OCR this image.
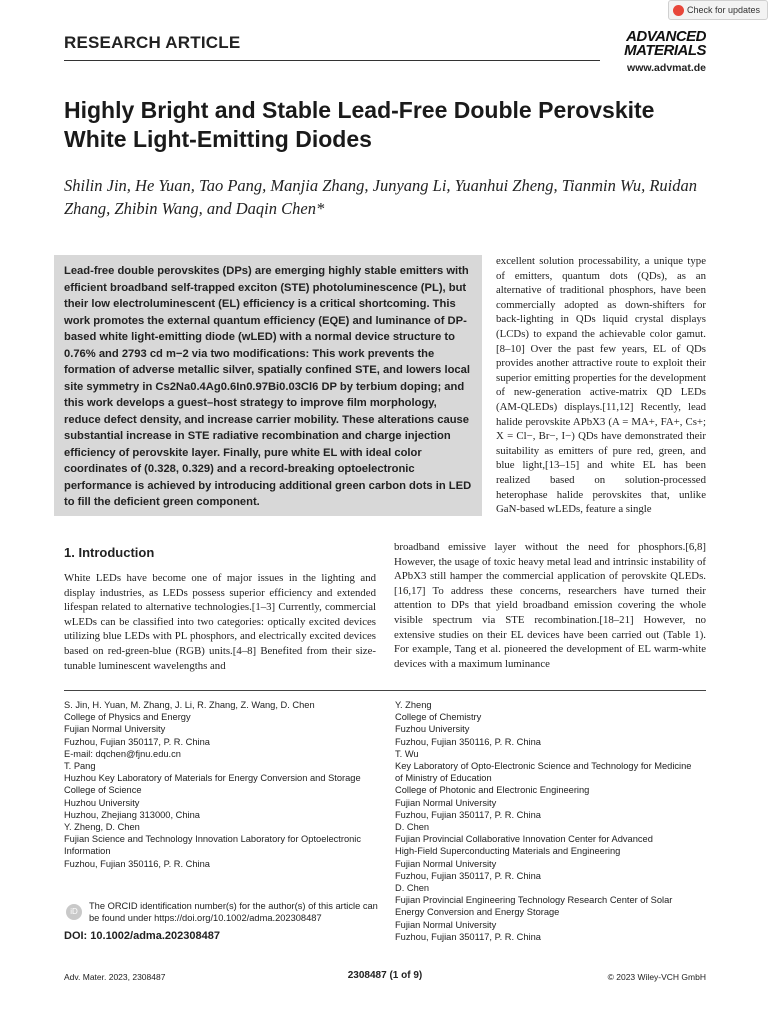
Check for updates
RESEARCH ARTICLE	ADVANCED
MATERIALS
www.advmat.de
Highly Bright and Stable Lead-Free Double Perovskite White Light-Emitting Diodes
Shilin Jin, He Yuan, Tao Pang, Manjia Zhang, Junyang Li, Yuanhui Zheng, Tianmin Wu, Ruidan Zhang, Zhibin Wang, and Daqin Chen*
Lead-free double perovskites (DPs) are emerging highly stable emitters with efficient broadband self-trapped exciton (STE) photoluminescence (PL), but their low electroluminescent (EL) efficiency is a critical shortcoming. This work promotes the external quantum efficiency (EQE) and luminance of DP-based white light-emitting diode (wLED) with a normal device structure to 0.76% and 2793 cd m−2 via two modifications: This work prevents the formation of adverse metallic silver, spatially confined STE, and lowers local site symmetry in Cs2Na0.4Ag0.6In0.97Bi0.03Cl6 DP by terbium doping; and this work develops a guest–host strategy to improve film morphology, reduce defect density, and increase carrier mobility. These alterations cause substantial increase in STE radiative recombination and charge injection efficiency of perovskite layer. Finally, pure white EL with ideal color coordinates of (0.328, 0.329) and a record-breaking optoelectronic performance is achieved by introducing additional green carbon dots in LED to fill the deficient green component.
excellent solution processability, a unique type of emitters, quantum dots (QDs), as an alternative of traditional phosphors, have been commercially adopted as down-shifters for back-lighting in QDs liquid crystal displays (LCDs) to expand the achievable color gamut.[8–10] Over the past few years, EL of QDs provides another attractive route to exploit their superior emitting properties for the development of new-generation active-matrix QD LEDs (AM-QLEDs) displays.[11,12] Recently, lead halide perovskite APbX3 (A = MA+, FA+, Cs+; X = Cl−, Br−, I−) QDs have demonstrated their suitability as emitters of pure red, green, and blue light,[13–15] and white EL has been realized based on solution-processed heterophase halide perovskites that, unlike GaN-based wLEDs, feature a single
1. Introduction
White LEDs have become one of major issues in the lighting and display industries, as LEDs possess superior efficiency and extended lifespan related to alternative technologies.[1–3] Currently, commercial wLEDs can be classified into two categories: optically excited devices utilizing blue LEDs with PL phosphors, and electrically excited devices based on red-green-blue (RGB) units.[4–8] Benefited from their size-tunable luminescent wavelengths and
broadband emissive layer without the need for phosphors.[6,8] However, the usage of toxic heavy metal lead and intrinsic instability of APbX3 still hamper the commercial application of perovskite QLEDs.[16,17] To address these concerns, researchers have turned their attention to DPs that yield broadband emission covering the whole visible spectrum via STE recombination.[18–21] However, no extensive studies on their EL devices have been carried out (Table 1). For example, Tang et al. pioneered the development of EL warm-white devices with a maximum luminance
S. Jin, H. Yuan, M. Zhang, J. Li, R. Zhang, Z. Wang, D. Chen
College of Physics and Energy
Fujian Normal University
Fuzhou, Fujian 350117, P. R. China
E-mail: dqchen@fjnu.edu.cn
T. Pang
Huzhou Key Laboratory of Materials for Energy Conversion and Storage
College of Science
Huzhou University
Huzhou, Zhejiang 313000, China
Y. Zheng, D. Chen
Fujian Science and Technology Innovation Laboratory for Optoelectronic
Information
Fuzhou, Fujian 350116, P. R. China
Y. Zheng
College of Chemistry
Fuzhou University
Fuzhou, Fujian 350116, P. R. China
T. Wu
Key Laboratory of Opto-Electronic Science and Technology for Medicine
of Ministry of Education
College of Photonic and Electronic Engineering
Fujian Normal University
Fuzhou, Fujian 350117, P. R. China
D. Chen
Fujian Provincial Collaborative Innovation Center for Advanced
High-Field Superconducting Materials and Engineering
Fujian Normal University
Fuzhou, Fujian 350117, P. R. China
D. Chen
Fujian Provincial Engineering Technology Research Center of Solar
Energy Conversion and Energy Storage
Fujian Normal University
Fuzhou, Fujian 350117, P. R. China
iD
The ORCID identification number(s) for the author(s) of this article can be found under https://doi.org/10.1002/adma.202308487
DOI: 10.1002/adma.202308487
Adv. Mater. 2023, 2308487	2308487 (1 of 9)	© 2023 Wiley-VCH GmbH
